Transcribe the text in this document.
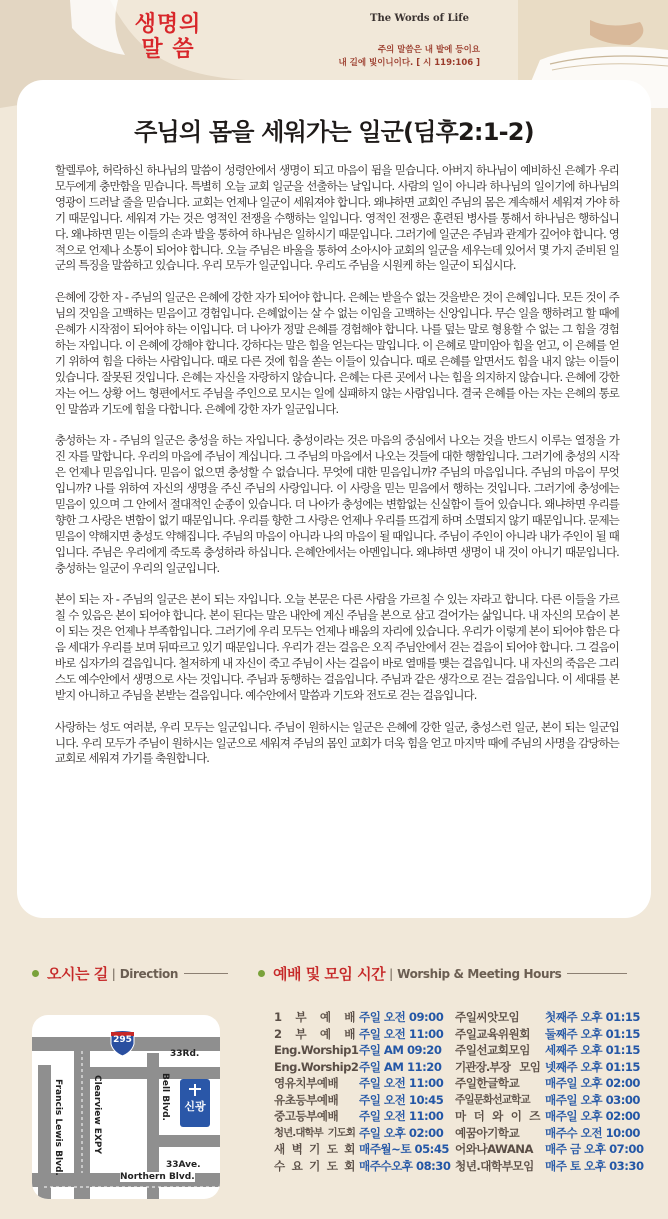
생명의
말 씀
The Words of Life
주의 말씀은 내 발에 등이요
내 길에 빛이니이다. [ 시 119:106 ]
주님의 몸을 세워가는 일군(딤후2:1-2)

할렐루야, 허락하신 하나님의 말씀이 성령안에서 생명이 되고 마음이 뒴을 믿습니다. 아버지 하나님이 예비하신 은혜가 우리 모두에게 충만함을 믿습니다. 특별히 오늘 교회 일군을 선출하는 날입니다. 사람의 일이 아니라 하나님의 일이기에 하나님의 영광이 드러날 줄을 믿습니다. 교회는 언제나 일군이 세워져야 합니다. 왜냐하면 교회인 주님의 몸은 계속해서 세워져 가야 하기 때문입니다. 세워져 가는 것은 영적인 전쟁을 수행하는 일입니다. 영적인 전쟁은 훈련된 병사를 통해서 하나님은 행하십니다. 왜냐하면 믿는 이들의 손과 발을 통하여 하나님은 일하시기 때문입니다. 그러기에 일군은 주님과 관계가 깊어야 합니다. 영적으로 언제나 소통이 되어야 합니다. 오늘 주님은 바울을 통하여 소아시아 교회의 일군을 세우는데 있어서 몇 가지 준비된 일군의 특징을 말씀하고 있습니다. 우리 모두가 일군입니다. 우리도 주님을 시원케 하는 일군이 되십시다.

은혜에 강한 자 - 주님의 일군은 은혜에 강한 자가 되어야 합니다. 은혜는 받을수 없는 것을받은 것이 은혜입니다. 모든 것이 주님의 것임을 고백하는 믿음이고 경험입니다. 은혜없이는 살 수 없는 이임을 고백하는 신앙입니다. 무슨 일을 행하려고 할 때에 은혜가 시작점이 되어야 하는 이입니다. 더 나아가 정말 은혜를 경험해야 합니다. 나를 덮는 말로 형용할 수 없는 그 힘을 경험하는 자입니다. 이 은혜에 강해야 합니다. 강하다는 말은 힘을 얻는다는 말입니다. 이 은혜로 말미암아 힘을 얻고, 이 은혜를 얻기 위하여 힘을 다하는 사람입니다. 때로 다른 것에 힘을 쏟는 이들이 있습니다. 때로 은혜를 알면서도 힘을 내지 않는 이들이 있습니다. 잘못된 것입니다. 은혜는 자신을 자랑하지 않습니다. 은혜는 다른 곳에서 나는 힘을 의지하지 않습니다. 은혜에 강한 자는 어느 상황 어느 형편에서도 주님을 주인으로 모시는 일에 실패하지 않는 사람입니다. 결국 은혜를 아는 자는 은혜의 통로인 말씀과 기도에 힘을 다합니다. 은혜에 강한 자가 일군입니다.

충성하는 자 - 주님의 일군은 충성을 하는 자입니다. 충성이라는 것은 마음의 중심에서 나오는 것을 반드시 이루는 열정을 가진 자를 말합니다. 우리의 마음에 주님이 계십니다. 그 주님의 마음에서 나오는 것들에 대한 행함입니다. 그러기에 충성의 시작은 언제나 믿음입니다. 믿음이 없으면 충성할 수 없습니다. 무엇에 대한 믿음입니까? 주님의 마음입니다. 주님의 마음이 무엇입니까? 나를 위하여 자신의 생명을 주신 주님의 사랑입니다. 이 사랑을 믿는 믿음에서 행하는 것입니다. 그러기에 충성에는 믿음이 있으며 그 안에서 절대적인 순종이 있습니다. 더 나아가 충성에는 변함없는 신실함이 들어 있습니다. 왜냐하면 우리를 향한 그 사랑은 변함이 없기 때문입니다. 우리를 향한 그 사랑은 언제나 우리를 뜨겁게 하며 소멸되지 않기 때문입니다. 문제는 믿음이 약해지면 충성도 약해집니다. 주님의 마음이 아니라 나의 마음이 될 때입니다. 주님이 주인이 아니라 내가 주인이 될 때입니다. 주님은 우리에게 죽도록 충성하라 하십니다. 은혜안에서는 아멘입니다. 왜냐하면 생명이 내 것이 아니기 때문입니다. 충성하는 일군이 우리의 일군입니다.

본이 되는 자 - 주님의 일군은 본이 되는 자입니다. 오늘 본문은 다른 사람을 가르칠 수 있는 자라고 합니다. 다른 이들을 가르칠 수 있음은 본이 되어야 합니다. 본이 된다는 말은 내안에 계신 주님을 본으로 삼고 걸어가는 삶입니다. 내 자신의 모습이 본이 되는 것은 언제나 부족함입니다. 그러기에 우리 모두는 언제나 배움의 자리에 있습니다. 우리가 이렇게 본이 되어야 함은 다음 세대가 우리를 보며 뒤따르고 있기 때문입니다. 우리가 걷는 걸음은 오직 주님안에서 걷는 걸음이 되어야 합니다. 그 걸음이 바로 십자가의 걸음입니다. 철저하게 내 자신이 죽고 주님이 사는 걸음이 바로 열매를 맺는 걸음입니다. 내 자신의 죽음은 그리스도 예수안에서 생명으로 사는 것입니다. 주님과 동행하는 걸음입니다. 주님과 같은 생각으로 걷는 걸음입니다. 이 세대를 본받지 아니하고 주님을 본받는 걸음입니다. 예수안에서 말씀과 기도와 전도로 걷는 걸음입니다.

사랑하는 성도 여러분, 우리 모두는 일군입니다. 주님이 원하시는 일군은 은혜에 강한 일군, 충성스런 일군, 본이 되는 일군입니다. 우리 모두가 주님이 원하시는 일군으로 세워져 주님의 몸인 교회가 더욱 힘을 얻고 마지막 때에 주님의 사명을 감당하는 교회로 세워져 가기를 축원합니다.

오시는 길 | Direction	예배 및 모임 시간 | Worship & Meeting Hours
295
33Rd.
Bell Blvd.
Clearview EXPY
Francis Lewis Blvd.	33Ave.
Northern Blvd.
신광
1 부 예 배 주일 오전 09:00
2 부 예 배 주일 오전 11:00
Eng.Worship1 주일 AM 09:20
Eng.Worship2 주일 AM 11:20
영유치부예배	주일 오전 11:00
유초등부예배	주일 오전 10:45
중고등부예배	주일 오전 11:00
청년.대학부 기도회 주일 오후 02:00
새 벽 기 도 회 매주월~토 05:45
수 요 기 도 회 매주수오후 08:30
주일씨앗모임	첫째주 오후 01:15
주일교육위원회	둘째주 오후 01:15
주일선교회모임	세째주 오후 01:15
기관장.부장 모임 넷째주 오후 01:15
주일한글학교	매주일 오후 02:00
주일문화선교학교	매주일 오후 03:00
마 더 와 이 즈 매주일 오후 02:00
예꿈아기학교	매주수 오전 10:00
어와나AWANA	매주 금 오후 07:00
청년.대학부모임 매주 토 오후 03:30
